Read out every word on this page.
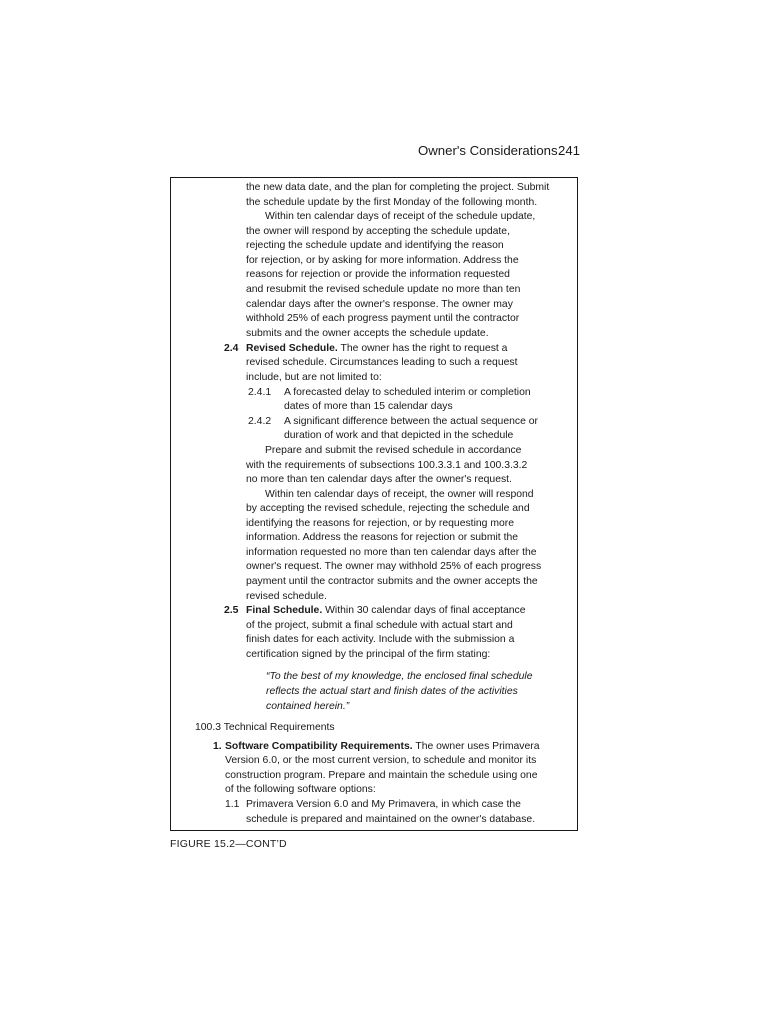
Owner's Considerations 241
the new data date, and the plan for completing the project. Submit
the schedule update by the first Monday of the following month.
Within ten calendar days of receipt of the schedule update,
the owner will respond by accepting the schedule update,
rejecting the schedule update and identifying the reason
for rejection, or by asking for more information. Address the
reasons for rejection or provide the information requested
and resubmit the revised schedule update no more than ten
calendar days after the owner's response. The owner may
withhold 25% of each progress payment until the contractor
submits and the owner accepts the schedule update.
2.4 Revised Schedule. The owner has the right to request a
revised schedule. Circumstances leading to such a request
include, but are not limited to:
2.4.1 A forecasted delay to scheduled interim or completion
dates of more than 15 calendar days
2.4.2 A significant difference between the actual sequence or
duration of work and that depicted in the schedule
Prepare and submit the revised schedule in accordance
with the requirements of subsections 100.3.3.1 and 100.3.3.2
no more than ten calendar days after the owner's request.
Within ten calendar days of receipt, the owner will respond
by accepting the revised schedule, rejecting the schedule and
identifying the reasons for rejection, or by requesting more
information. Address the reasons for rejection or submit the
information requested no more than ten calendar days after the
owner's request. The owner may withhold 25% of each progress
payment until the contractor submits and the owner accepts the
revised schedule.
2.5 Final Schedule. Within 30 calendar days of final acceptance
of the project, submit a final schedule with actual start and
finish dates for each activity. Include with the submission a
certification signed by the principal of the firm stating:
“To the best of my knowledge, the enclosed final schedule
reflects the actual start and finish dates of the activities
contained herein.”
100.3 Technical Requirements
1. Software Compatibility Requirements. The owner uses Primavera
Version 6.0, or the most current version, to schedule and monitor its
construction program. Prepare and maintain the schedule using one
of the following software options:
1.1 Primavera Version 6.0 and My Primavera, in which case the
schedule is prepared and maintained on the owner's database.
FIGURE 15.2—CONT’D
